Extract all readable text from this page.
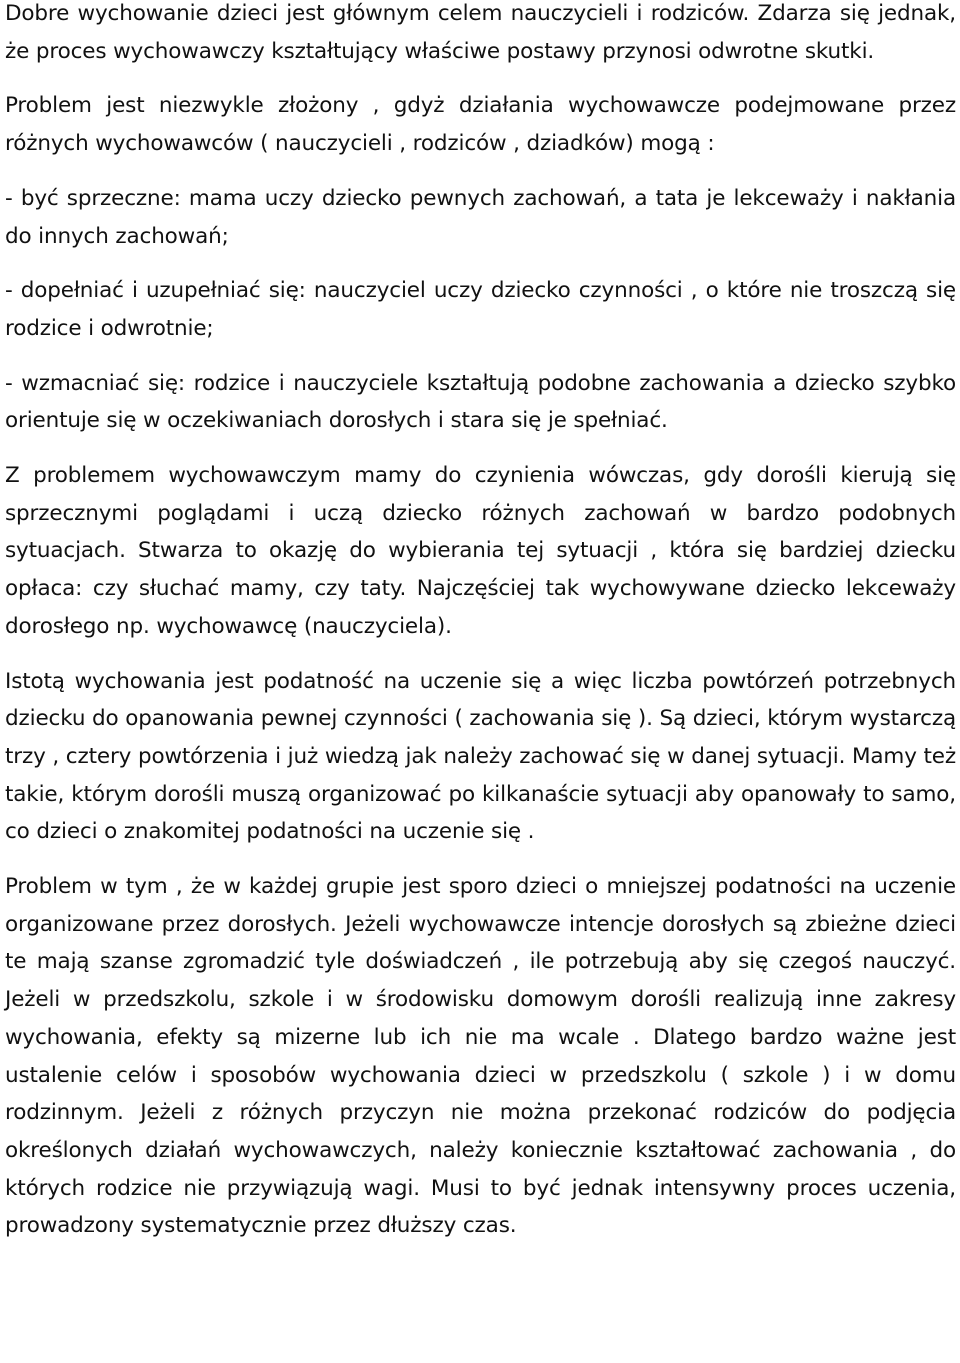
Dobre wychowanie dzieci jest głównym celem nauczycieli i rodziców. Zdarza się jednak, że proces wychowawczy kształtujący właściwe postawy przynosi odwrotne skutki.

Problem jest niezwykle złożony , gdyż działania wychowawcze podejmowane przez różnych wychowawców ( nauczycieli , rodziców , dziadków) mogą :

- być sprzeczne: mama uczy dziecko pewnych zachowań, a tata je lekceważy i nakłania do innych zachowań;

- dopełniać i uzupełniać się: nauczyciel uczy dziecko czynności , o które nie troszczą się rodzice i odwrotnie;

- wzmacniać się: rodzice i nauczyciele kształtują podobne zachowania a dziecko szybko orientuje się w oczekiwaniach dorosłych i stara się je spełniać.

Z problemem wychowawczym mamy do czynienia wówczas, gdy dorośli kierują się sprzecznymi poglądami i uczą dziecko różnych zachowań w bardzo podobnych sytuacjach. Stwarza to okazję do wybierania tej sytuacji , która się bardziej dziecku opłaca: czy słuchać mamy, czy taty. Najczęściej tak wychowywane dziecko lekceważy dorosłego np. wychowawcę (nauczyciela).

Istotą wychowania jest podatność na uczenie się a więc liczba powtórzeń potrzebnych dziecku do opanowania pewnej czynności ( zachowania się ). Są dzieci, którym wystarczą trzy , cztery powtórzenia i już wiedzą jak należy zachować się w danej sytuacji. Mamy też takie, którym dorośli muszą organizować po kilkanaście sytuacji aby opanowały to samo, co dzieci o znakomitej podatności na uczenie się .

Problem w tym , że w każdej grupie jest sporo dzieci o mniejszej podatności na uczenie organizowane przez dorosłych. Jeżeli wychowawcze intencje dorosłych są zbieżne dzieci te mają szanse zgromadzić tyle doświadczeń , ile potrzebują aby się czegoś nauczyć. Jeżeli w przedszkolu, szkole i w środowisku domowym dorośli realizują inne zakresy wychowania, efekty są mizerne lub ich nie ma wcale . Dlatego bardzo ważne jest ustalenie celów i sposobów wychowania dzieci w przedszkolu ( szkole ) i w domu rodzinnym. Jeżeli z różnych przyczyn nie można przekonać rodziców do podjęcia określonych działań wychowawczych, należy koniecznie kształtować zachowania , do których rodzice nie przywiązują wagi. Musi to być jednak intensywny proces uczenia, prowadzony systematycznie przez dłuższy czas.
